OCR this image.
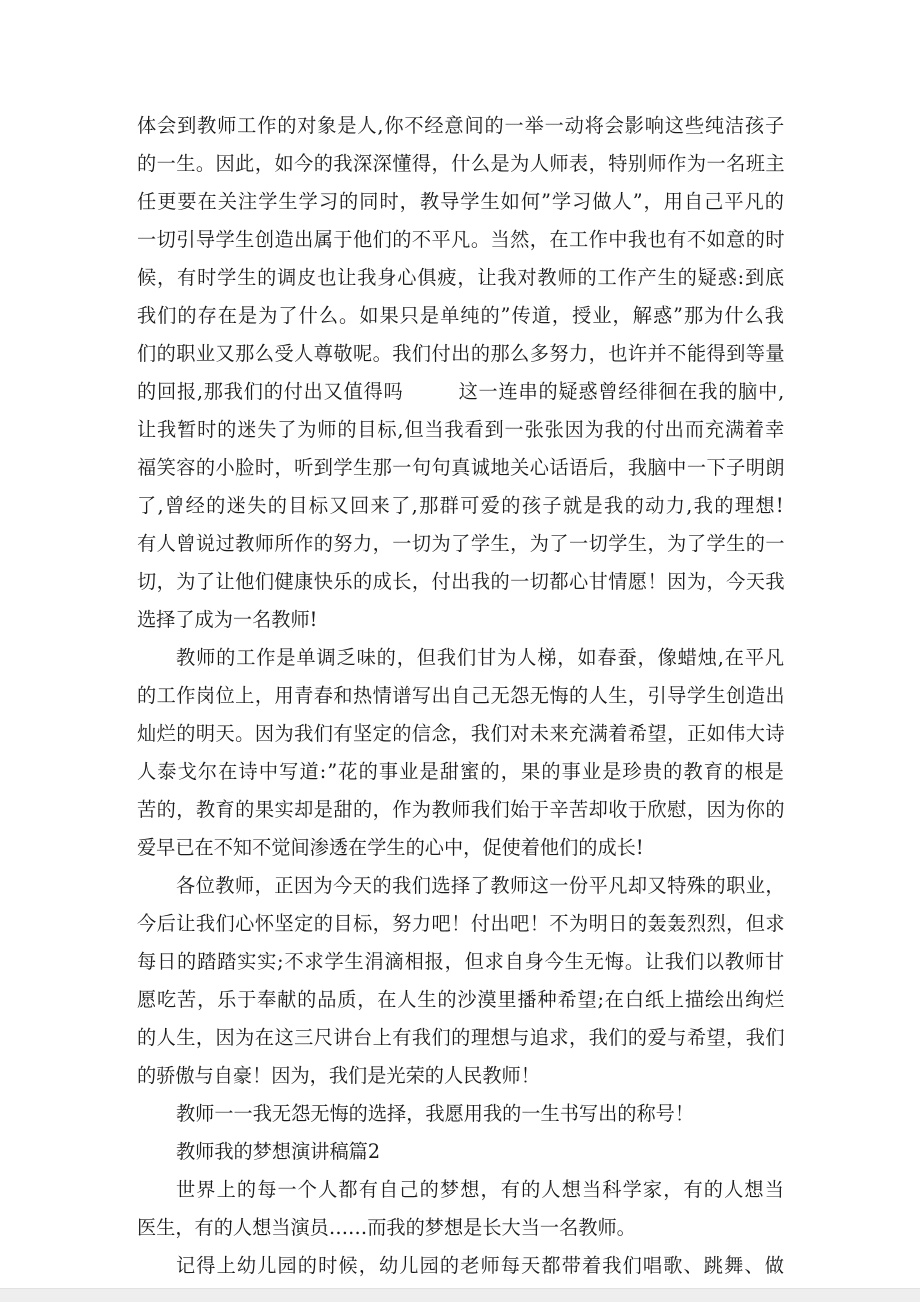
体会到教师工作的对象是人,你不经意间的一举一动将会影响这些纯洁孩子
的一生。因此，如今的我深深懂得，什么是为人师表，特别师作为一名班主
任更要在关注学生学习的同时，教导学生如何”学习做人”，用自己平凡的
一切引导学生创造出属于他们的不平凡。当然，在工作中我也有不如意的时
候，有时学生的调皮也让我身心俱疲，让我对教师的工作产生的疑惑:到底
我们的存在是为了什么。如果只是单纯的”传道，授业，解惑”那为什么我
们的职业又那么受人尊敬呢。我们付出的那么多努力，也许并不能得到等量
的回报,那我们的付出又值得吗        这一连串的疑惑曾经徘徊在我的脑中,
让我暂时的迷失了为师的目标,但当我看到一张张因为我的付出而充满着幸
福笑容的小脸时，听到学生那一句句真诚地关心话语后，我脑中一下子明朗
了,曾经的迷失的目标又回来了,那群可爱的孩子就是我的动力,我的理想!
有人曾说过教师所作的努力，一切为了学生，为了一切学生，为了学生的一
切，为了让他们健康快乐的成长，付出我的一切都心甘情愿！因为，今天我
选择了成为一名教师!
教师的工作是单调乏味的，但我们甘为人梯，如春蚕，像蜡烛,在平凡
的工作岗位上，用青春和热情谱写出自己无怨无悔的人生，引导学生创造出
灿烂的明天。因为我们有坚定的信念，我们对未来充满着希望，正如伟大诗
人泰戈尔在诗中写道:”花的事业是甜蜜的，果的事业是珍贵的教育的根是
苦的，教育的果实却是甜的，作为教师我们始于辛苦却收于欣慰，因为你的
爱早已在不知不觉间渗透在学生的心中，促使着他们的成长!
各位教师，正因为今天的我们选择了教师这一份平凡却又特殊的职业，
今后让我们心怀坚定的目标，努力吧！付出吧！不为明日的轰轰烈烈，但求
每日的踏踏实实;不求学生涓滴相报，但求自身今生无悔。让我们以教师甘
愿吃苦，乐于奉献的品质，在人生的沙漠里播种希望;在白纸上描绘出绚烂
的人生，因为在这三尺讲台上有我们的理想与追求，我们的爱与希望，我们
的骄傲与自豪！因为，我们是光荣的人民教师！
教师一一我无怨无悔的选择，我愿用我的一生书写出的称号！
教师我的梦想演讲稿篇2
世界上的每一个人都有自己的梦想，有的人想当科学家，有的人想当
医生，有的人想当演员……而我的梦想是长大当一名教师。
记得上幼儿园的时候，幼儿园的老师每天都带着我们唱歌、跳舞、做
